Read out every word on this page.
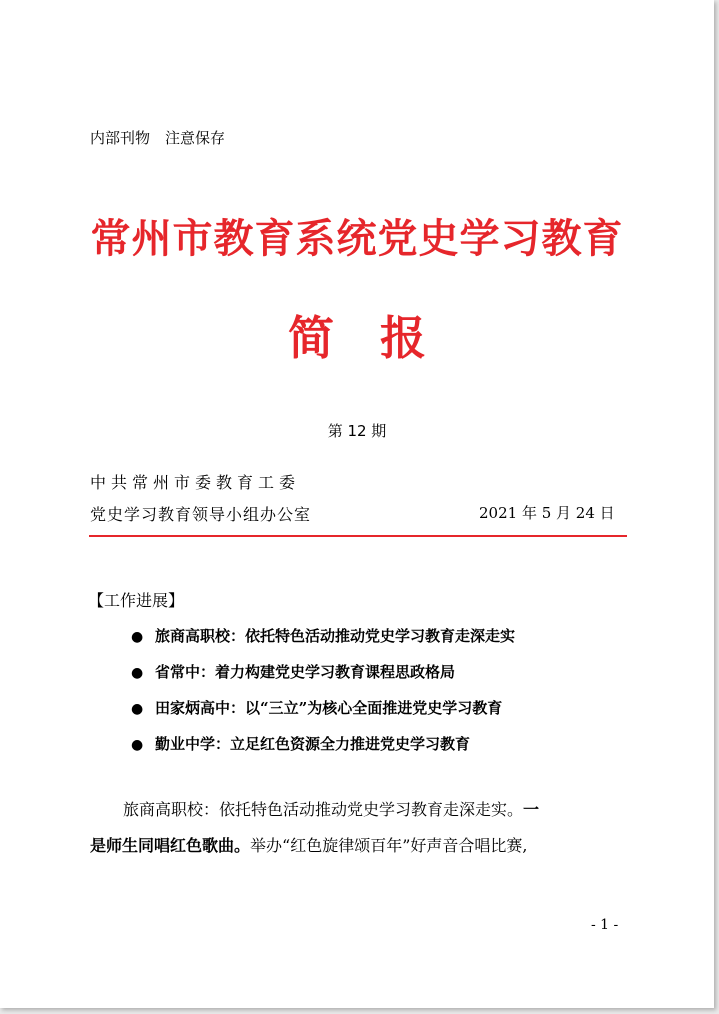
内部刊物　注意保存

常州市教育系统党史学习教育
简　报

第 12 期

中共常州市委教育工委

党史学习教育领导小组办公室	2021 年 5 月 24 日

【工作进展】

● 旅商高职校：依托特色活动推动党史学习教育走深走实
● 省常中：着力构建党史学习教育课程思政格局
● 田家炳高中：以“三立”为核心全面推进党史学习教育
● 勤业中学：立足红色资源全力推进党史学习教育

旅商高职校：依托特色活动推动党史学习教育走深走实。一

是师生同唱红色歌曲。举办“红色旋律颂百年”好声音合唱比赛,

- 1 -
